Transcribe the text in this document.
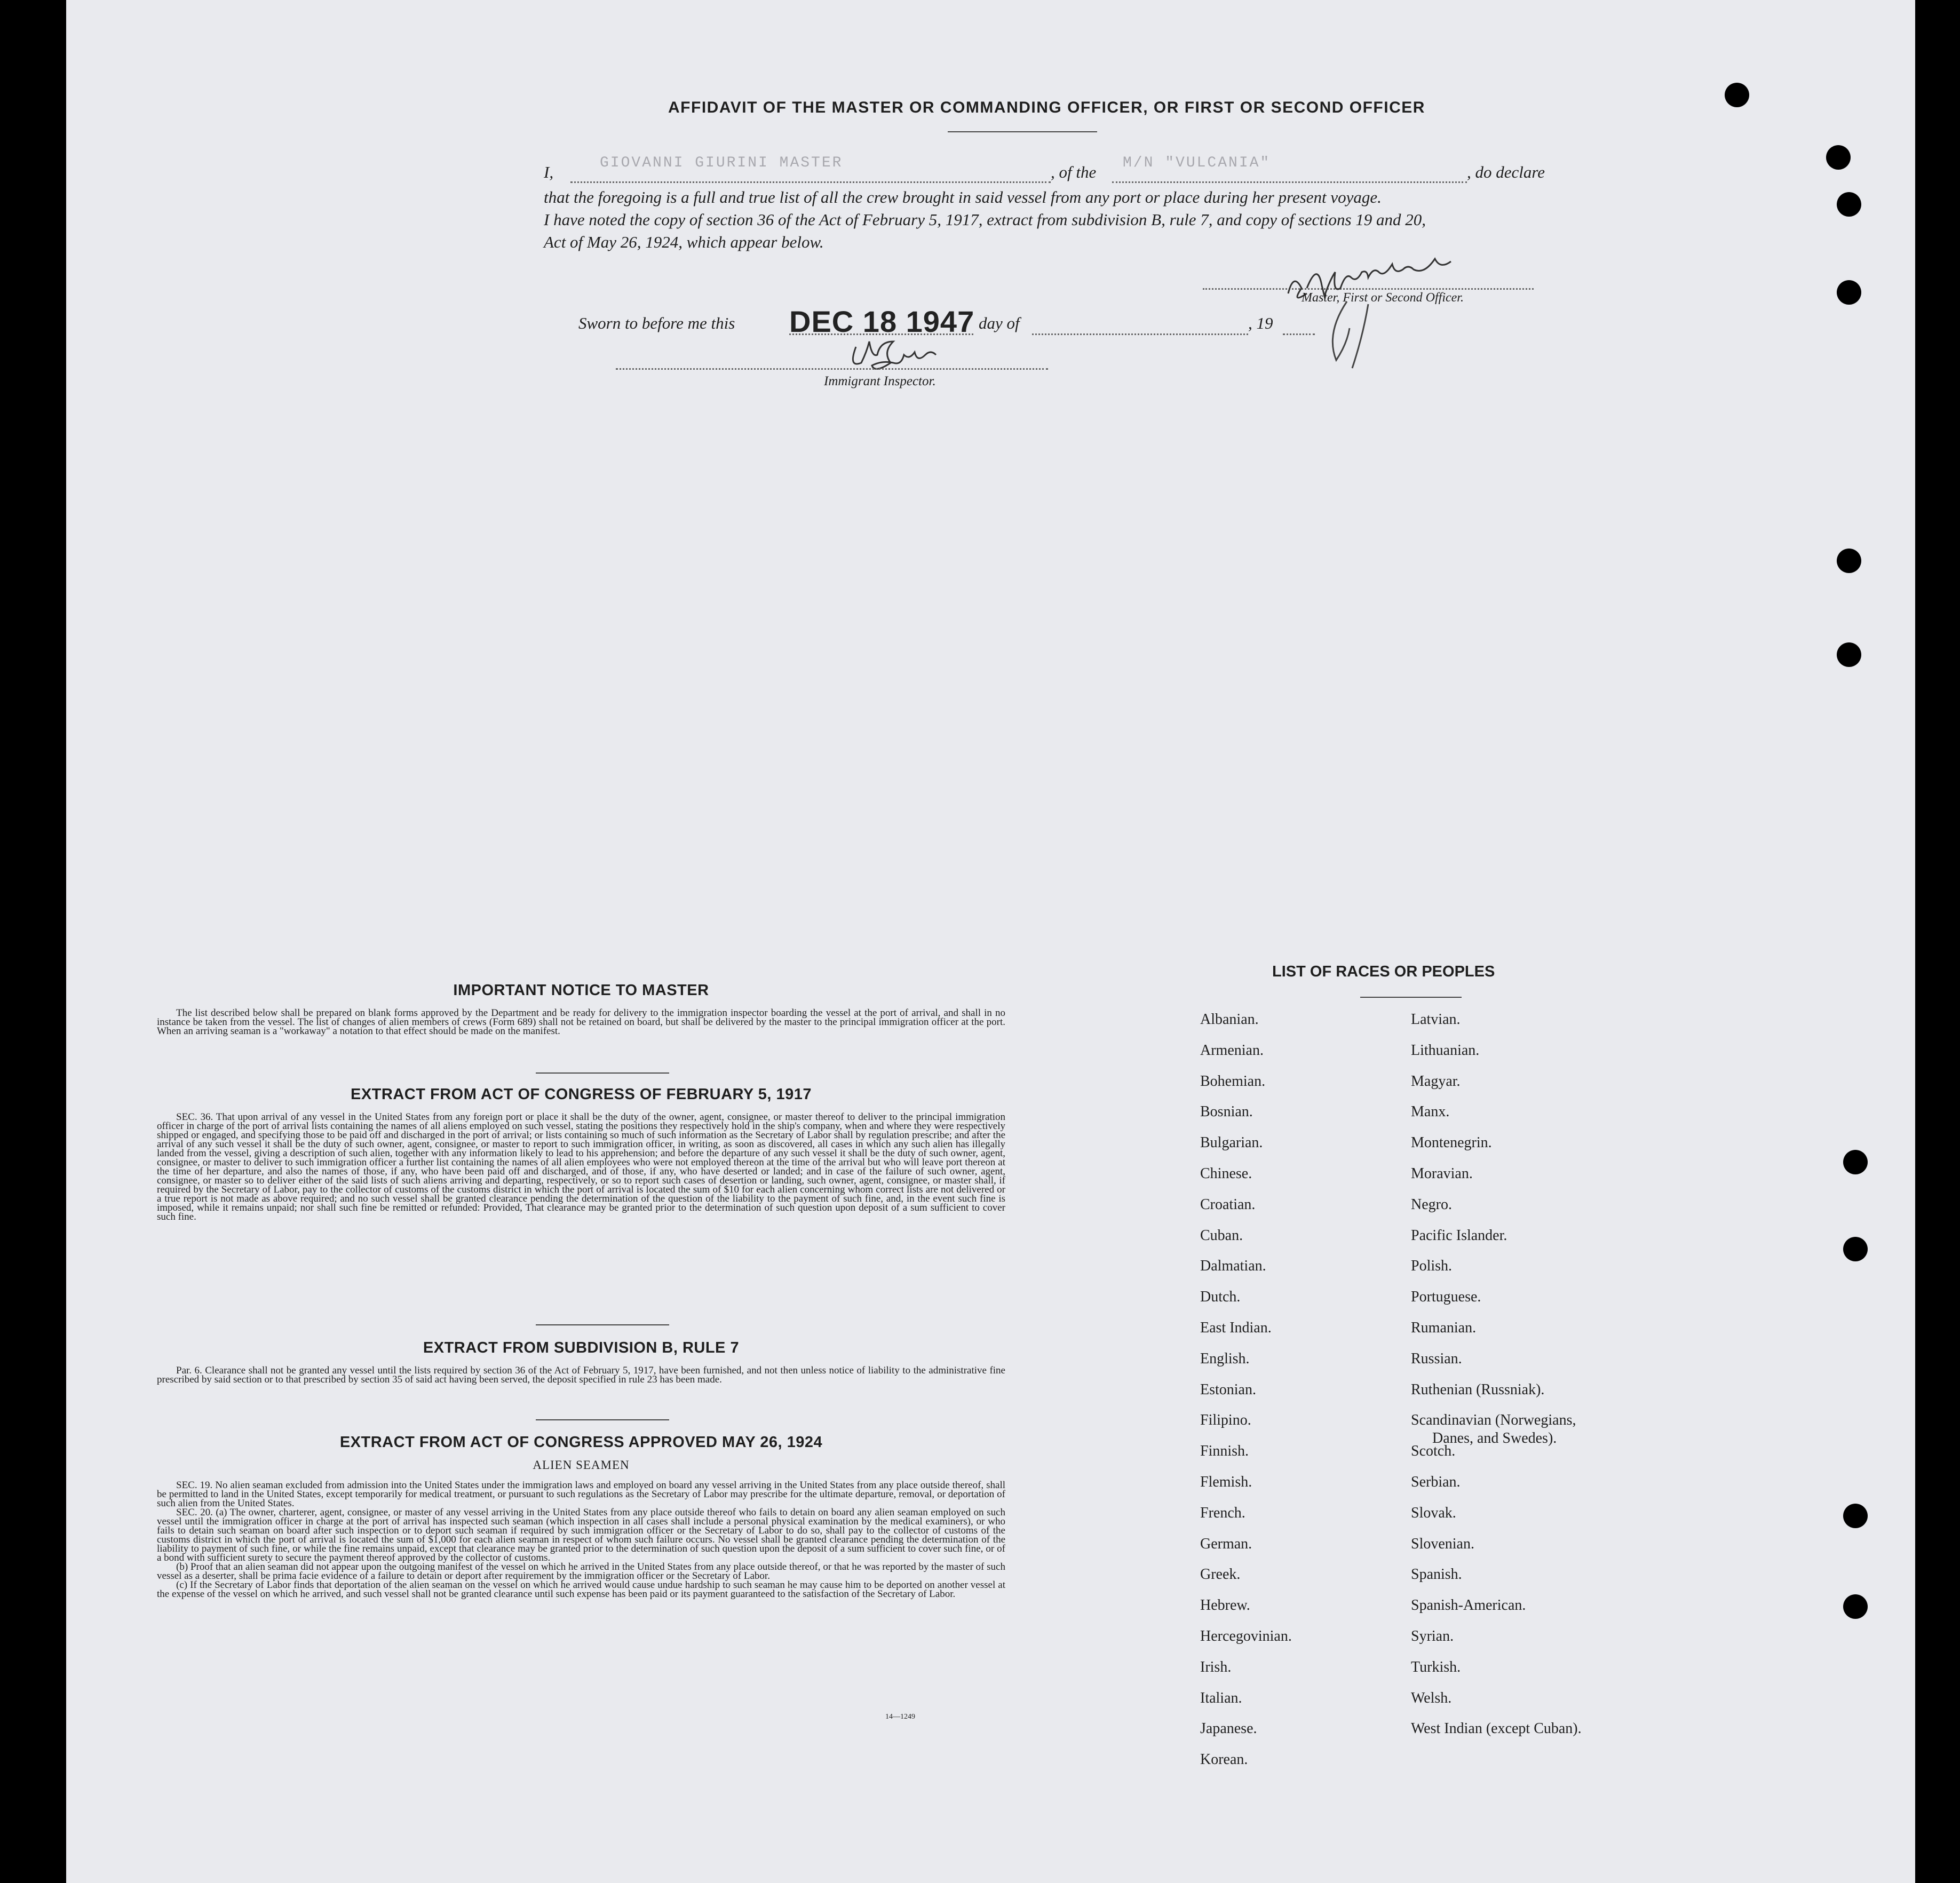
AFFIDAVIT OF THE MASTER OR COMMANDING OFFICER, OR FIRST OR SECOND OFFICER
I,	GIOVANNI GIURINI MASTER	, of the M/N "VULCANIA"	, do declare
that the foregoing is a full and true list of all the crew brought in said vessel from any port or place during her present voyage.
I have noted the copy of section 36 of the Act of February 5, 1917, extract from subdivision B, rule 7, and copy of sections 19 and 20,
Act of May 26, 1924, which appear below.
Master, First or Second Officer.
Sworn to before me this DEC 18 1947 day of	, 19
Immigrant Inspector.
IMPORTANT NOTICE TO MASTER

The list described below shall be prepared on blank forms approved by the Department and be ready for delivery to the immigration inspector boarding the vessel at the port of arrival, and shall in no instance be taken from the vessel. The list of changes of alien members of crews (Form 689) shall not be retained on board, but shall be delivered by the master to the principal immigration officer at the port. When an arriving seaman is a "workaway" a notation to that effect should be made on the manifest.

EXTRACT FROM ACT OF CONGRESS OF FEBRUARY 5, 1917

SEC. 36. That upon arrival of any vessel in the United States from any foreign port or place it shall be the duty of the owner, agent, consignee, or master thereof to deliver to the principal immigration officer in charge of the port of arrival lists containing the names of all aliens employed on such vessel, stating the positions they respectively hold in the ship's company, when and where they were respectively shipped or engaged, and specifying those to be paid off and discharged in the port of arrival; or lists containing so much of such information as the Secretary of Labor shall by regulation prescribe; and after the arrival of any such vessel it shall be the duty of such owner, agent, consignee, or master to report to such immigration officer, in writing, as soon as discovered, all cases in which any such alien has illegally landed from the vessel, giving a description of such alien, together with any information likely to lead to his apprehension; and before the departure of any such vessel it shall be the duty of such owner, agent, consignee, or master to deliver to such immigration officer a further list containing the names of all alien employees who were not employed thereon at the time of the arrival but who will leave port thereon at the time of her departure, and also the names of those, if any, who have been paid off and discharged, and of those, if any, who have deserted or landed; and in case of the failure of such owner, agent, consignee, or master so to deliver either of the said lists of such aliens arriving and departing, respectively, or so to report such cases of desertion or landing, such owner, agent, consignee, or master shall, if required by the Secretary of Labor, pay to the collector of customs of the customs district in which the port of arrival is located the sum of $10 for each alien concerning whom correct lists are not delivered or a true report is not made as above required; and no such vessel shall be granted clearance pending the determination of the question of the liability to the payment of such fine, and, in the event such fine is imposed, while it remains unpaid; nor shall such fine be remitted or refunded: Provided, That clearance may be granted prior to the determination of such question upon deposit of a sum sufficient to cover such fine.

EXTRACT FROM SUBDIVISION B, RULE 7

Par. 6. Clearance shall not be granted any vessel until the lists required by section 36 of the Act of February 5, 1917, have been furnished, and not then unless notice of liability to the administrative fine prescribed by said section or to that prescribed by section 35 of said act having been served, the deposit specified in rule 23 has been made.

EXTRACT FROM ACT OF CONGRESS APPROVED MAY 26, 1924
ALIEN SEAMEN

SEC. 19. No alien seaman excluded from admission into the United States under the immigration laws and employed on board any vessel arriving in the United States from any place outside thereof, shall be permitted to land in the United States, except temporarily for medical treatment, or pursuant to such regulations as the Secretary of Labor may prescribe for the ultimate departure, removal, or deportation of such alien from the United States.

SEC. 20. (a) The owner, charterer, agent, consignee, or master of any vessel arriving in the United States from any place outside thereof who fails to detain on board any alien seaman employed on such vessel until the immigration officer in charge at the port of arrival has inspected such seaman (which inspection in all cases shall include a personal physical examination by the medical examiners), or who fails to detain such seaman on board after such inspection or to deport such seaman if required by such immigration officer or the Secretary of Labor to do so, shall pay to the collector of customs of the customs district in which the port of arrival is located the sum of $1,000 for each alien seaman in respect of whom such failure occurs. No vessel shall be granted clearance pending the determination of the liability to payment of such fine, or while the fine remains unpaid, except that clearance may be granted prior to the determination of such question upon the deposit of a sum sufficient to cover such fine, or of a bond with sufficient surety to secure the payment thereof approved by the collector of customs.

(b) Proof that an alien seaman did not appear upon the outgoing manifest of the vessel on which he arrived in the United States from any place outside thereof, or that he was reported by the master of such vessel as a deserter, shall be prima facie evidence of a failure to detain or deport after requirement by the immigration officer or the Secretary of Labor.

(c) If the Secretary of Labor finds that deportation of the alien seaman on the vessel on which he arrived would cause undue hardship to such seaman he may cause him to be deported on another vessel at the expense of the vessel on which he arrived, and such vessel shall not be granted clearance until such expense has been paid or its payment guaranteed to the satisfaction of the Secretary of Labor.

14—1249
LIST OF RACES OR PEOPLES
Albanian.
Armenian.
Bohemian.
Bosnian.
Bulgarian.
Chinese.
Croatian.
Cuban.
Dalmatian.
Dutch.
East Indian.
English.
Estonian.
Filipino.
Finnish.
Flemish.
French.
German.
Greek.
Hebrew.
Hercegovinian.
Irish.
Italian.
Japanese.
Korean.
Latvian.
Lithuanian.
Magyar.
Manx.
Montenegrin.
Moravian.
Negro.
Pacific Islander.
Polish.
Portuguese.
Rumanian.
Russian.
Ruthenian (Russniak).
Scandinavian (Norwegians,
Danes, and Swedes).
Scotch.
Serbian.
Slovak.
Slovenian.
Spanish.
Spanish-American.
Syrian.
Turkish.
Welsh.
West Indian (except Cuban).
